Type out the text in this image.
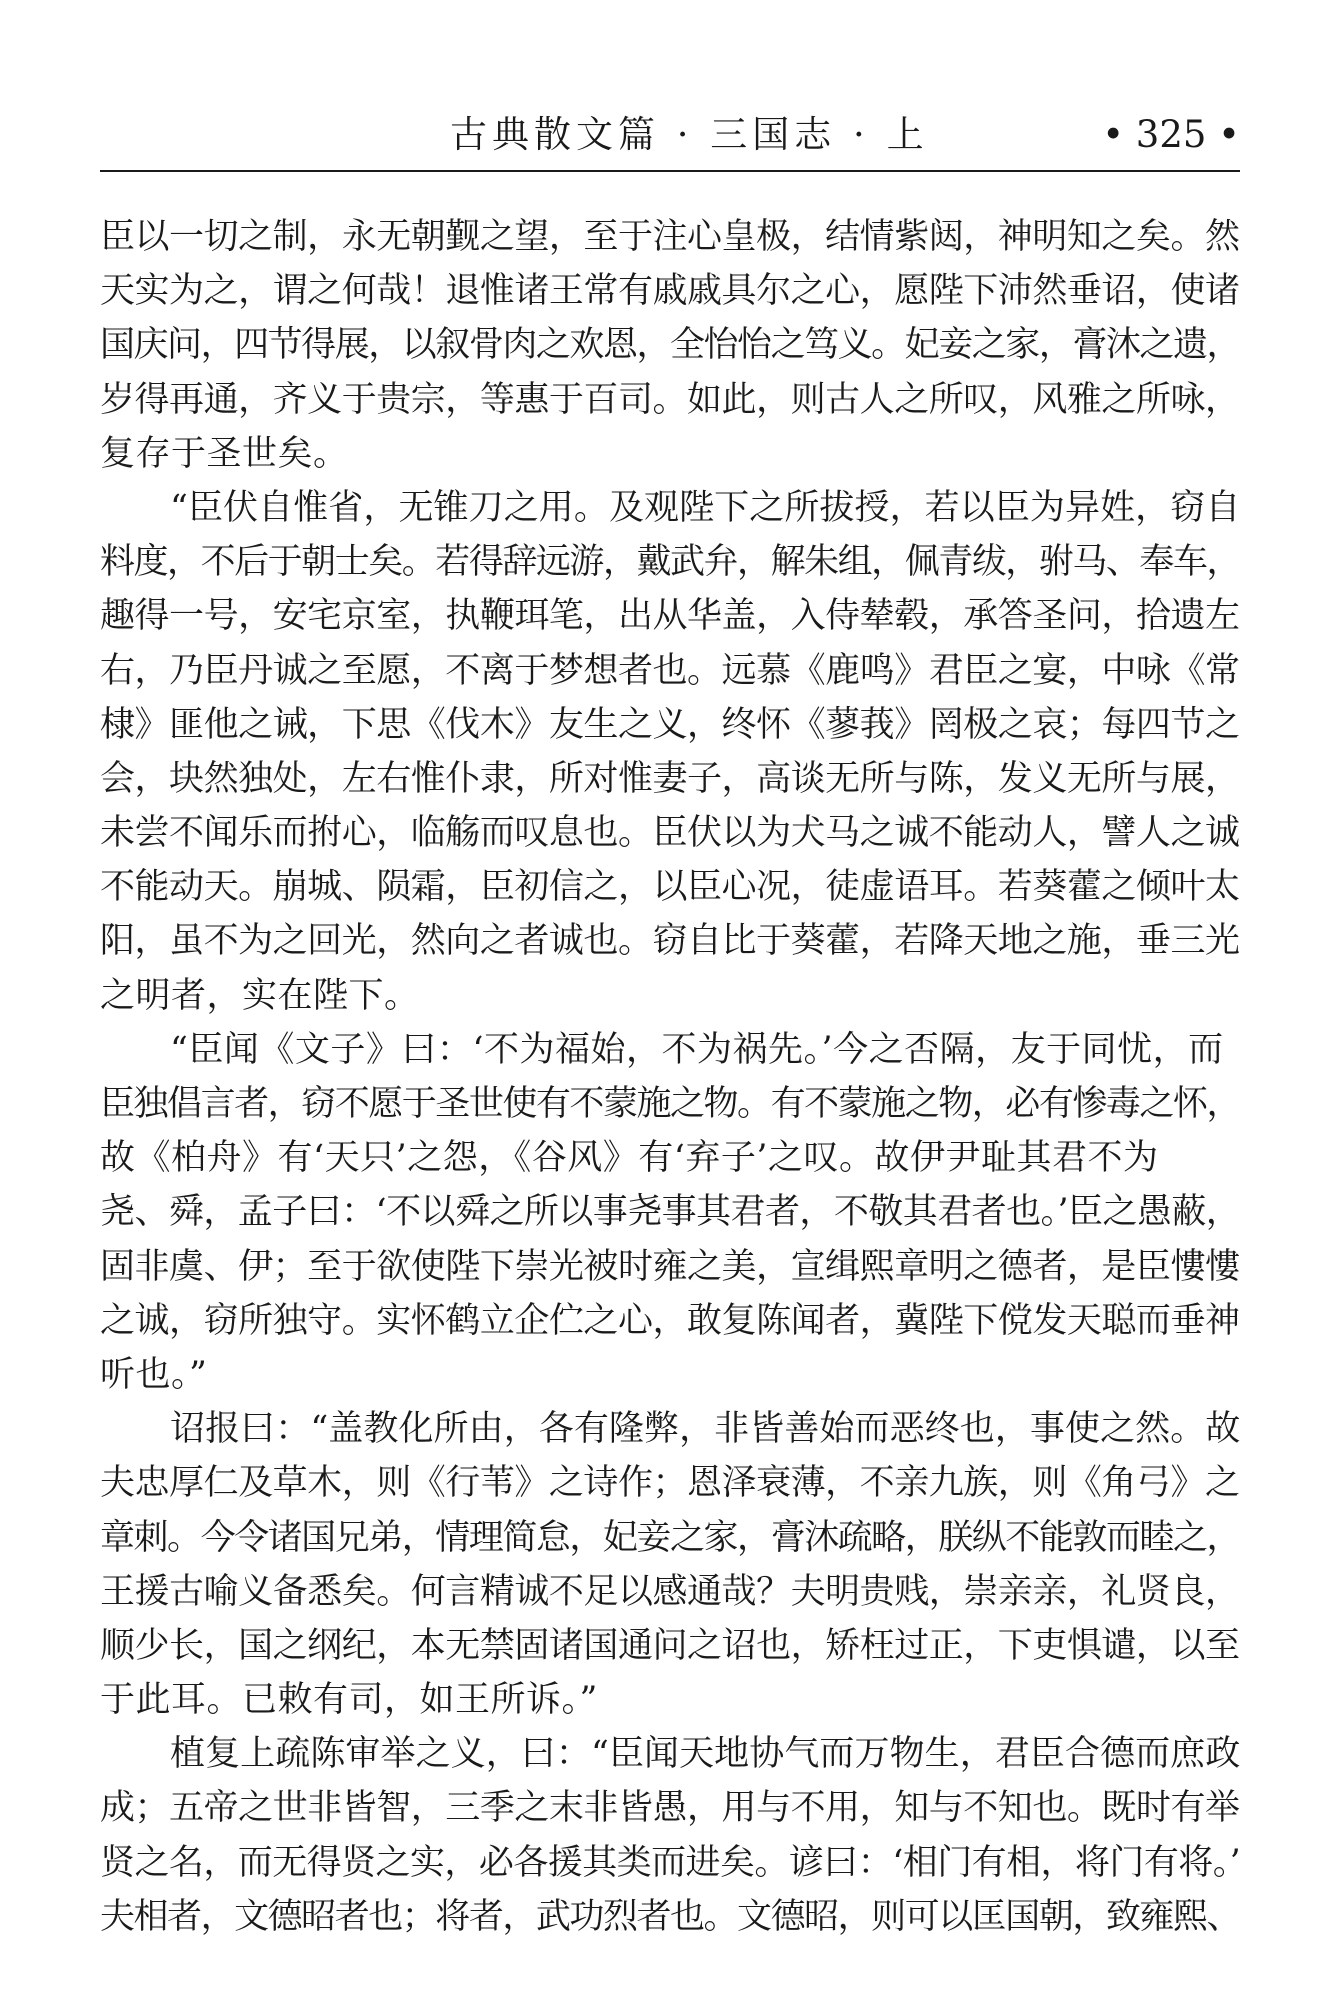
古典散文篇 · 三国志 · 上	• 325 •
臣以一切之制，永无朝觐之望，至于注心皇极，结情紫闼，神明知之矣。然
天实为之，谓之何哉！退惟诸王常有戚戚具尔之心，愿陛下沛然垂诏，使诸
国庆问，四节得展，以叙骨肉之欢恩，全怡怡之笃义。妃妾之家，膏沐之遗，
岁得再通，齐义于贵宗，等惠于百司。如此，则古人之所叹，风雅之所咏，
复存于圣世矣。
“臣伏自惟省，无锥刀之用。及观陛下之所拔授，若以臣为异姓，窃自
料度，不后于朝士矣。若得辞远游，戴武弁，解朱组，佩青绂，驸马、奉车，
趣得一号，安宅京室，执鞭珥笔，出从华盖，入侍辇毂，承答圣问，拾遗左
右，乃臣丹诚之至愿，不离于梦想者也。远慕《鹿鸣》君臣之宴，中咏《常
棣》匪他之诫，下思《伐木》友生之义，终怀《蓼莪》罔极之哀；每四节之
会，块然独处，左右惟仆隶，所对惟妻子，高谈无所与陈，发义无所与展，
未尝不闻乐而拊心，临觞而叹息也。臣伏以为犬马之诚不能动人，譬人之诚
不能动天。崩城、陨霜，臣初信之，以臣心况，徒虚语耳。若葵藿之倾叶太
阳，虽不为之回光，然向之者诚也。窃自比于葵藿，若降天地之施，垂三光
之明者，实在陛下。
“臣闻《文子》曰：‘不为福始，不为祸先。’今之否隔，友于同忧，而
臣独倡言者，窃不愿于圣世使有不蒙施之物。有不蒙施之物，必有惨毒之怀，
故《柏舟》有‘天只’之怨，《谷风》有‘弃子’之叹。故伊尹耻其君不为
尧、舜，孟子曰：‘不以舜之所以事尧事其君者，不敬其君者也。’臣之愚蔽，
固非虞、伊；至于欲使陛下崇光被时雍之美，宣缉熙章明之德者，是臣慺慺
之诚，窃所独守。实怀鹤立企伫之心，敢复陈闻者，冀陛下傥发天聪而垂神
听也。”
诏报曰：“盖教化所由，各有隆弊，非皆善始而恶终也，事使之然。故
夫忠厚仁及草木，则《行苇》之诗作；恩泽衰薄，不亲九族，则《角弓》之
章刺。今令诸国兄弟，情理简怠，妃妾之家，膏沐疏略，朕纵不能敦而睦之，
王援古喻义备悉矣。何言精诚不足以感通哉？夫明贵贱，崇亲亲，礼贤良，
顺少长，国之纲纪，本无禁固诸国通问之诏也，矫枉过正，下吏惧谴，以至
于此耳。已敕有司，如王所诉。”
植复上疏陈审举之义，曰：“臣闻天地协气而万物生，君臣合德而庶政
成；五帝之世非皆智，三季之末非皆愚，用与不用，知与不知也。既时有举
贤之名，而无得贤之实，必各援其类而进矣。谚曰：‘相门有相，将门有将。’
夫相者，文德昭者也；将者，武功烈者也。文德昭，则可以匡国朝，致雍熙、
